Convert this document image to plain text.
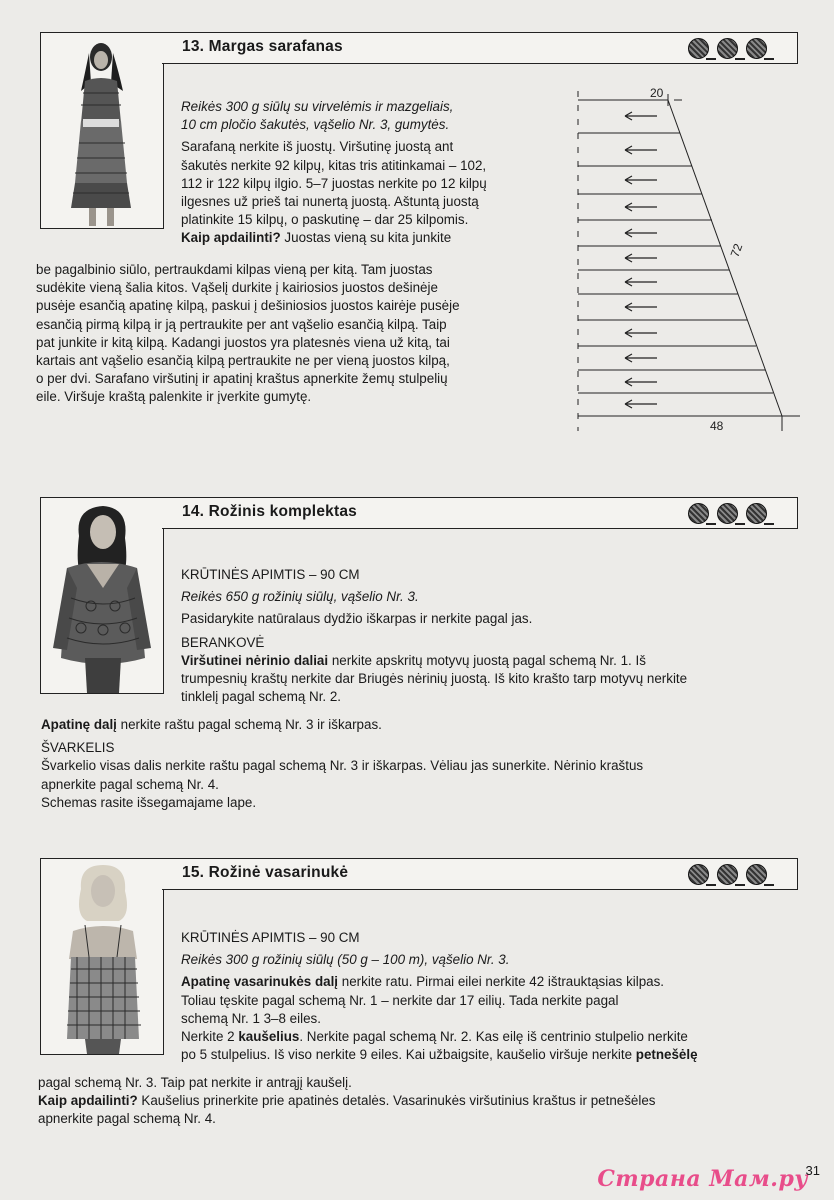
13. Margas sarafanas

Reikės 300 g siūlų su virvelėmis ir mazgeliais,

10 cm pločio šakutės, vąšelio Nr. 3, gumytės.

Sarafaną nerkite iš juostų. Viršutinę juostą ant

šakutės nerkite 92 kilpų, kitas tris atitinkamai – 102,

112 ir 122 kilpų ilgio. 5–7 juostas nerkite po 12 kilpų

ilgesnes už prieš tai nunertą juostą. Aštuntą juostą

platinkite 15 kilpų, o paskutinę – dar 25 kilpomis.

Kaip apdailinti? Juostas vieną su kita junkite

be pagalbinio siūlo, pertraukdami kilpas vieną per kitą. Tam juostas

sudėkite vieną šalia kitos. Vąšelį durkite į kairiosios juostos dešinėje

pusėje esančią apatinę kilpą, paskui į dešiniosios juostos kairėje pusėje

esančią pirmą kilpą ir ją pertraukite per ant vąšelio esančią kilpą. Taip

pat junkite ir kitą kilpą. Kadangi juostos yra platesnės viena už kitą, tai

kartais ant vąšelio esančią kilpą pertraukite ne per vieną juostos kilpą,

o per dvi. Sarafano viršutinį ir apatinį kraštus apnerkite žemų stulpelių

eile. Viršuje kraštą palenkite ir įverkite gumytę.

20
72
48
14. Rožinis komplektas

KRŪTINĖS APIMTIS – 90 CM

Reikės 650 g rožinių siūlų, vąšelio Nr. 3.

Pasidarykite natūralaus dydžio iškarpas ir nerkite pagal jas.

BERANKOVĖ

Viršutinei nėrinio daliai nerkite apskritų motyvų juostą pagal schemą Nr. 1. Iš

trumpesnių kraštų nerkite dar Briugės nėrinių juostą. Iš kito krašto tarp motyvų nerkite

tinklelį pagal schemą Nr. 2.

Apatinę dalį nerkite raštu pagal schemą Nr. 3 ir iškarpas.

ŠVARKELIS

Švarkelio visas dalis nerkite raštu pagal schemą Nr. 3 ir iškarpas. Vėliau jas sunerkite. Nėrinio kraštus

apnerkite pagal schemą Nr. 4.

Schemas rasite išsegamajame lape.

15. Rožinė vasarinukė

KRŪTINĖS APIMTIS – 90 CM

Reikės 300 g rožinių siūlų (50 g – 100 m), vąšelio Nr. 3.

Apatinę vasarinukės dalį nerkite ratu. Pirmai eilei nerkite 42 ištrauktąsias kilpas.

Toliau tęskite pagal schemą Nr. 1 – nerkite dar 17 eilių. Tada nerkite pagal

schemą Nr. 1 3–8 eiles.

Nerkite 2 kaušelius. Nerkite pagal schemą Nr. 2. Kas eilę iš centrinio stulpelio nerkite

po 5 stulpelius. Iš viso nerkite 9 eiles. Kai užbaigsite, kaušelio viršuje nerkite petnešėlę

pagal schemą Nr. 3. Taip pat nerkite ir antrąjį kaušelį.

Kaip apdailinti? Kaušelius prinerkite prie apatinės detalės. Vasarinukės viršutinius kraštus ir petnešėles

apnerkite pagal schemą Nr. 4.

Страна Мам.ру
31
